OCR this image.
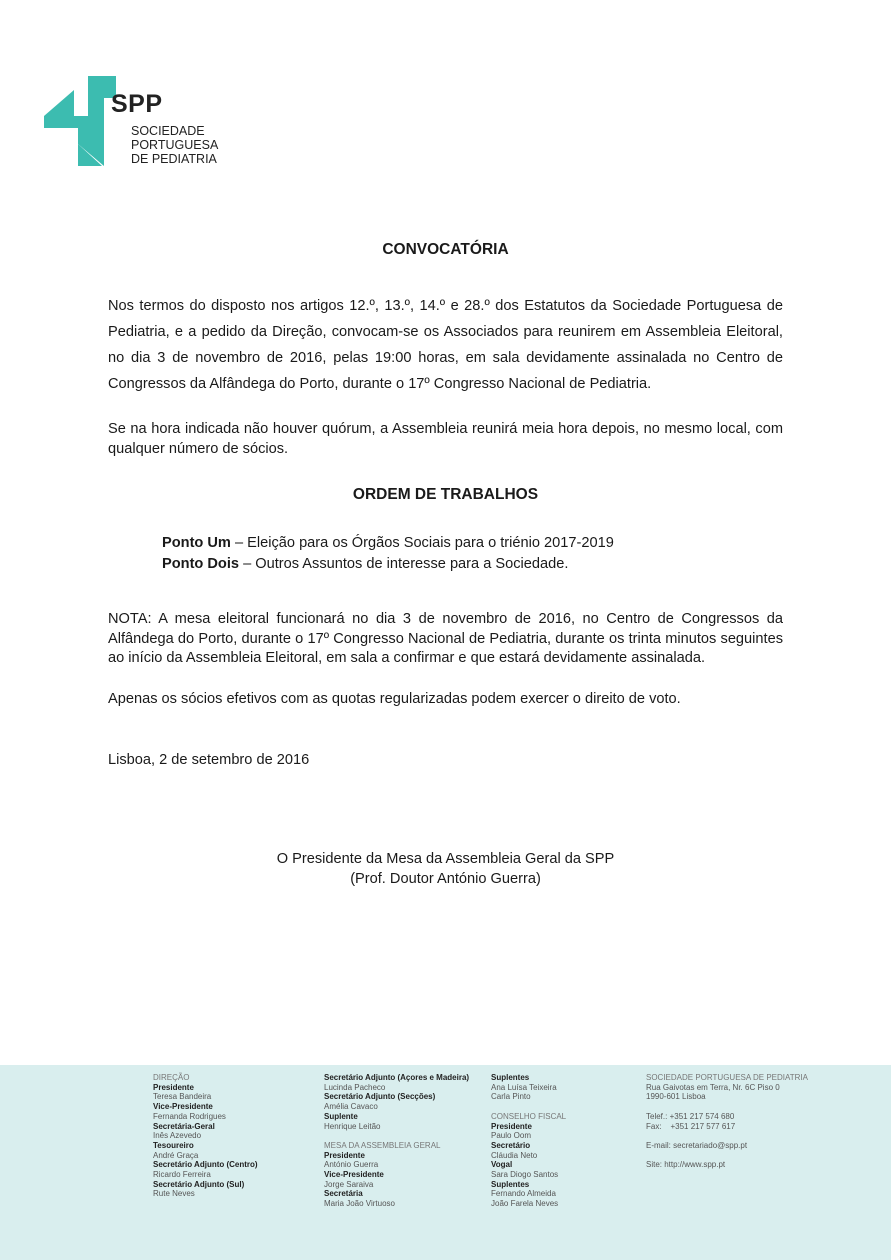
SPP
SOCIEDADE
PORTUGUESA
DE PEDIATRIA
CONVOCATÓRIA
Nos termos do disposto nos artigos 12.º, 13.º, 14.º e 28.º dos Estatutos da Sociedade Portuguesa de Pediatria, e a pedido da Direção, convocam-se os Associados para reunirem em Assembleia Eleitoral, no dia 3 de novembro de 2016, pelas 19:00 horas, em sala devidamente assinalada no Centro de Congressos da Alfândega do Porto, durante o 17º Congresso Nacional de Pediatria.
Se na hora indicada não houver quórum, a Assembleia reunirá meia hora depois, no mesmo local, com qualquer número de sócios.
ORDEM DE TRABALHOS
Ponto Um – Eleição para os Órgãos Sociais para o triénio 2017-2019
Ponto Dois – Outros Assuntos de interesse para a Sociedade.
NOTA: A mesa eleitoral funcionará no dia 3 de novembro de 2016, no Centro de Congressos da Alfândega do Porto, durante o 17º Congresso Nacional de Pediatria, durante os trinta minutos seguintes ao início da Assembleia Eleitoral, em sala a confirmar e que estará devidamente assinalada.
Apenas os sócios efetivos com as quotas regularizadas podem exercer o direito de voto.
Lisboa, 2 de setembro de 2016
O Presidente da Mesa da Assembleia Geral da SPP
(Prof. Doutor António Guerra)
DIREÇÃO
Presidente
Teresa Bandeira
Vice-Presidente
Fernanda Rodrigues
Secretária-Geral
Inês Azevedo
Tesoureiro
André Graça
Secretário Adjunto (Centro)
Ricardo Ferreira
Secretário Adjunto (Sul)
Rute Neves
Secretário Adjunto (Açores e Madeira)
Lucinda Pacheco
Secretário Adjunto (Secções)
Amélia Cavaco
Suplente
Henrique Leitão
MESA DA ASSEMBLEIA GERAL
Presidente
António Guerra
Vice-Presidente
Jorge Saraiva
Secretária
Maria João Virtuoso
Suplentes
Ana Luísa Teixeira
Carla Pinto
CONSELHO FISCAL
Presidente
Paulo Oom
Secretário
Cláudia Neto
Vogal
Sara Diogo Santos
Suplentes
Fernando Almeida
João Farela Neves
SOCIEDADE PORTUGUESA DE PEDIATRIA
Rua Gaivotas em Terra, Nr. 6C Piso 0
1990-601 Lisboa
Telef.: +351 217 574 680
Fax:    +351 217 577 617
E-mail: secretariado@spp.pt
Site: http://www.spp.pt
